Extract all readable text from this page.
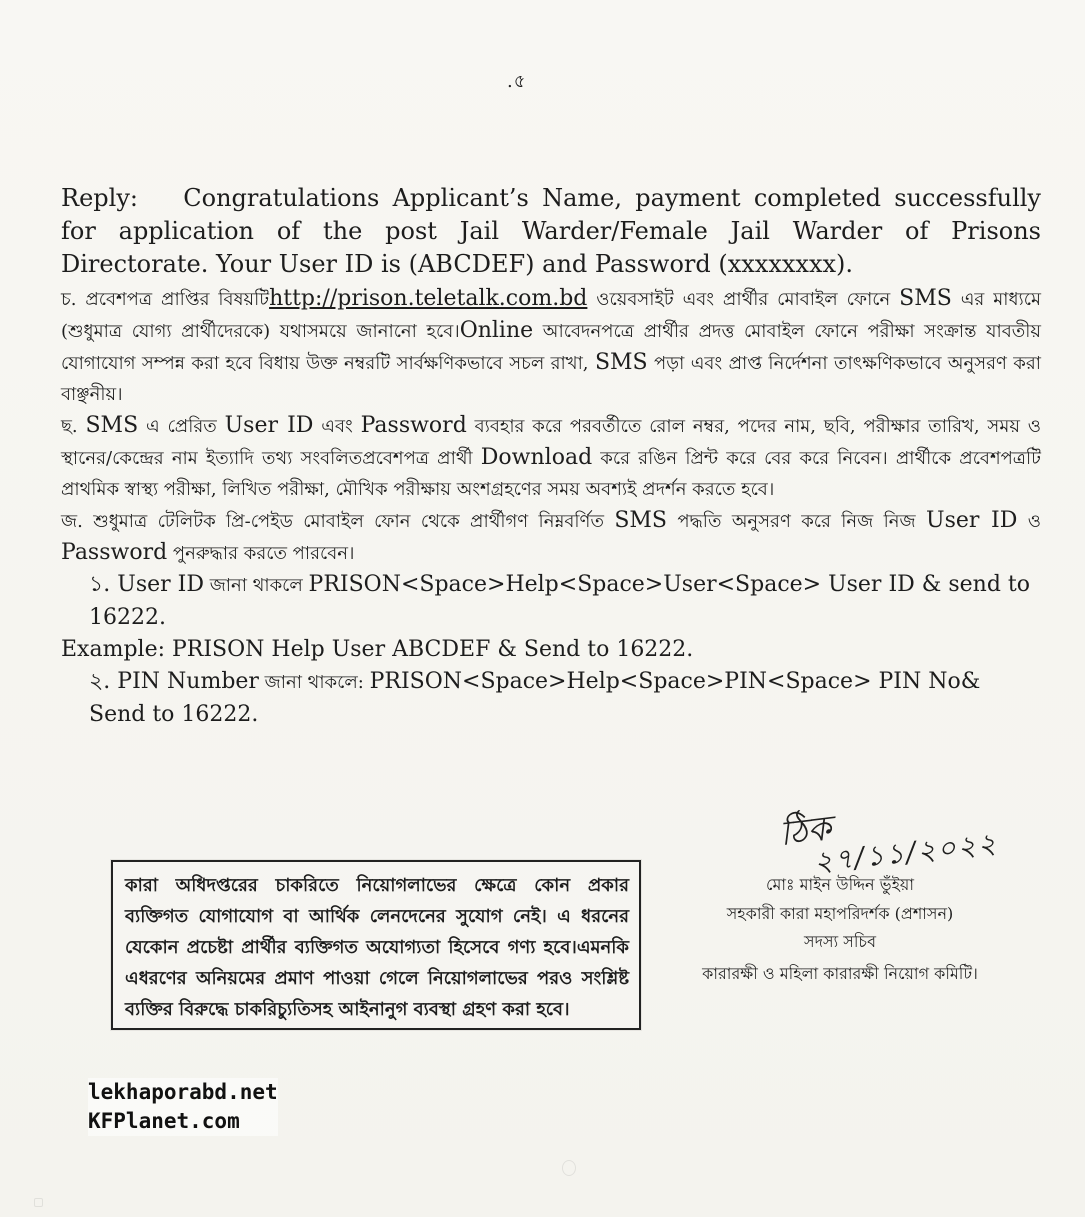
.৫

Reply: Congratulations Applicant’s Name, payment completed successfully for application of the post Jail Warder/Female Jail Warder of Prisons Directorate. Your User ID is (ABCDEF) and Password (xxxxxxxx).

চ. প্রবেশপত্র প্রাপ্তির বিষয়টিhttp://prison.teletalk.com.bd ওয়েবসাইট এবং প্রার্থীর মোবাইল ফোনে SMS এর মাধ্যমে (শুধুমাত্র যোগ্য প্রার্থীদেরকে) যথাসময়ে জানানো হবে।Online আবেদনপত্রে প্রার্থীর প্রদত্ত মোবাইল ফোনে পরীক্ষা সংক্রান্ত যাবতীয় যোগাযোগ সম্পন্ন করা হবে বিধায় উক্ত নম্বরটি সার্বক্ষণিকভাবে সচল রাখা, SMS পড়া এবং প্রাপ্ত নির্দেশনা তাৎক্ষণিকভাবে অনুসরণ করা বাঞ্ছনীয়।

ছ. SMS এ প্রেরিত User ID এবং Password ব্যবহার করে পরবর্তীতে রোল নম্বর, পদের নাম, ছবি, পরীক্ষার তারিখ, সময় ও স্থানের/কেন্দ্রের নাম ইত্যাদি তথ্য সংবলিতপ্রবেশপত্র প্রার্থী Download করে রঙিন প্রিন্ট করে বের করে নিবেন। প্রার্থীকে প্রবেশপত্রটি প্রাথমিক স্বাস্থ্য পরীক্ষা, লিখিত পরীক্ষা, মৌখিক পরীক্ষায় অংশগ্রহণের সময় অবশ্যই প্রদর্শন করতে হবে।

জ. শুধুমাত্র টেলিটক প্রি-পেইড মোবাইল ফোন থেকে প্রার্থীগণ নিম্নবর্ণিত SMS পদ্ধতি অনুসরণ করে নিজ নিজ User ID ও Password পুনরুদ্ধার করতে পারবেন।

১. User ID জানা থাকলে PRISON<Space>Help<Space>User<Space> User ID & send to 16222.

Example: PRISON Help User ABCDEF & Send to 16222.

২. PIN Number জানা থাকলে: PRISON<Space>Help<Space>PIN<Space> PIN No& Send to 16222.

ঠিক
২৭/১১/২০২২
মোঃ মাইন উদ্দিন ভুঁইয়া
সহকারী কারা মহাপরিদর্শক (প্রশাসন)
সদস্য সচিব
কারারক্ষী ও মহিলা কারারক্ষী নিয়োগ কমিটি।
কারা অধিদপ্তরের চাকরিতে নিয়োগলাভের ক্ষেত্রে কোন প্রকার ব্যক্তিগত যোগাযোগ বা আর্থিক লেনদেনের সুযোগ নেই। এ ধরনের যেকোন প্রচেষ্টা প্রার্থীর ব্যক্তিগত অযোগ্যতা হিসেবে গণ্য হবে।এমনকি এধরণের অনিয়মের প্রমাণ পাওয়া গেলে নিয়োগলাভের পরও সংশ্লিষ্ট ব্যক্তির বিরুদ্ধে চাকরিচ্যুতিসহ আইনানুগ ব্যবস্থা গ্রহণ করা হবে।
lekhaporabd.net
KFPlanet.com
